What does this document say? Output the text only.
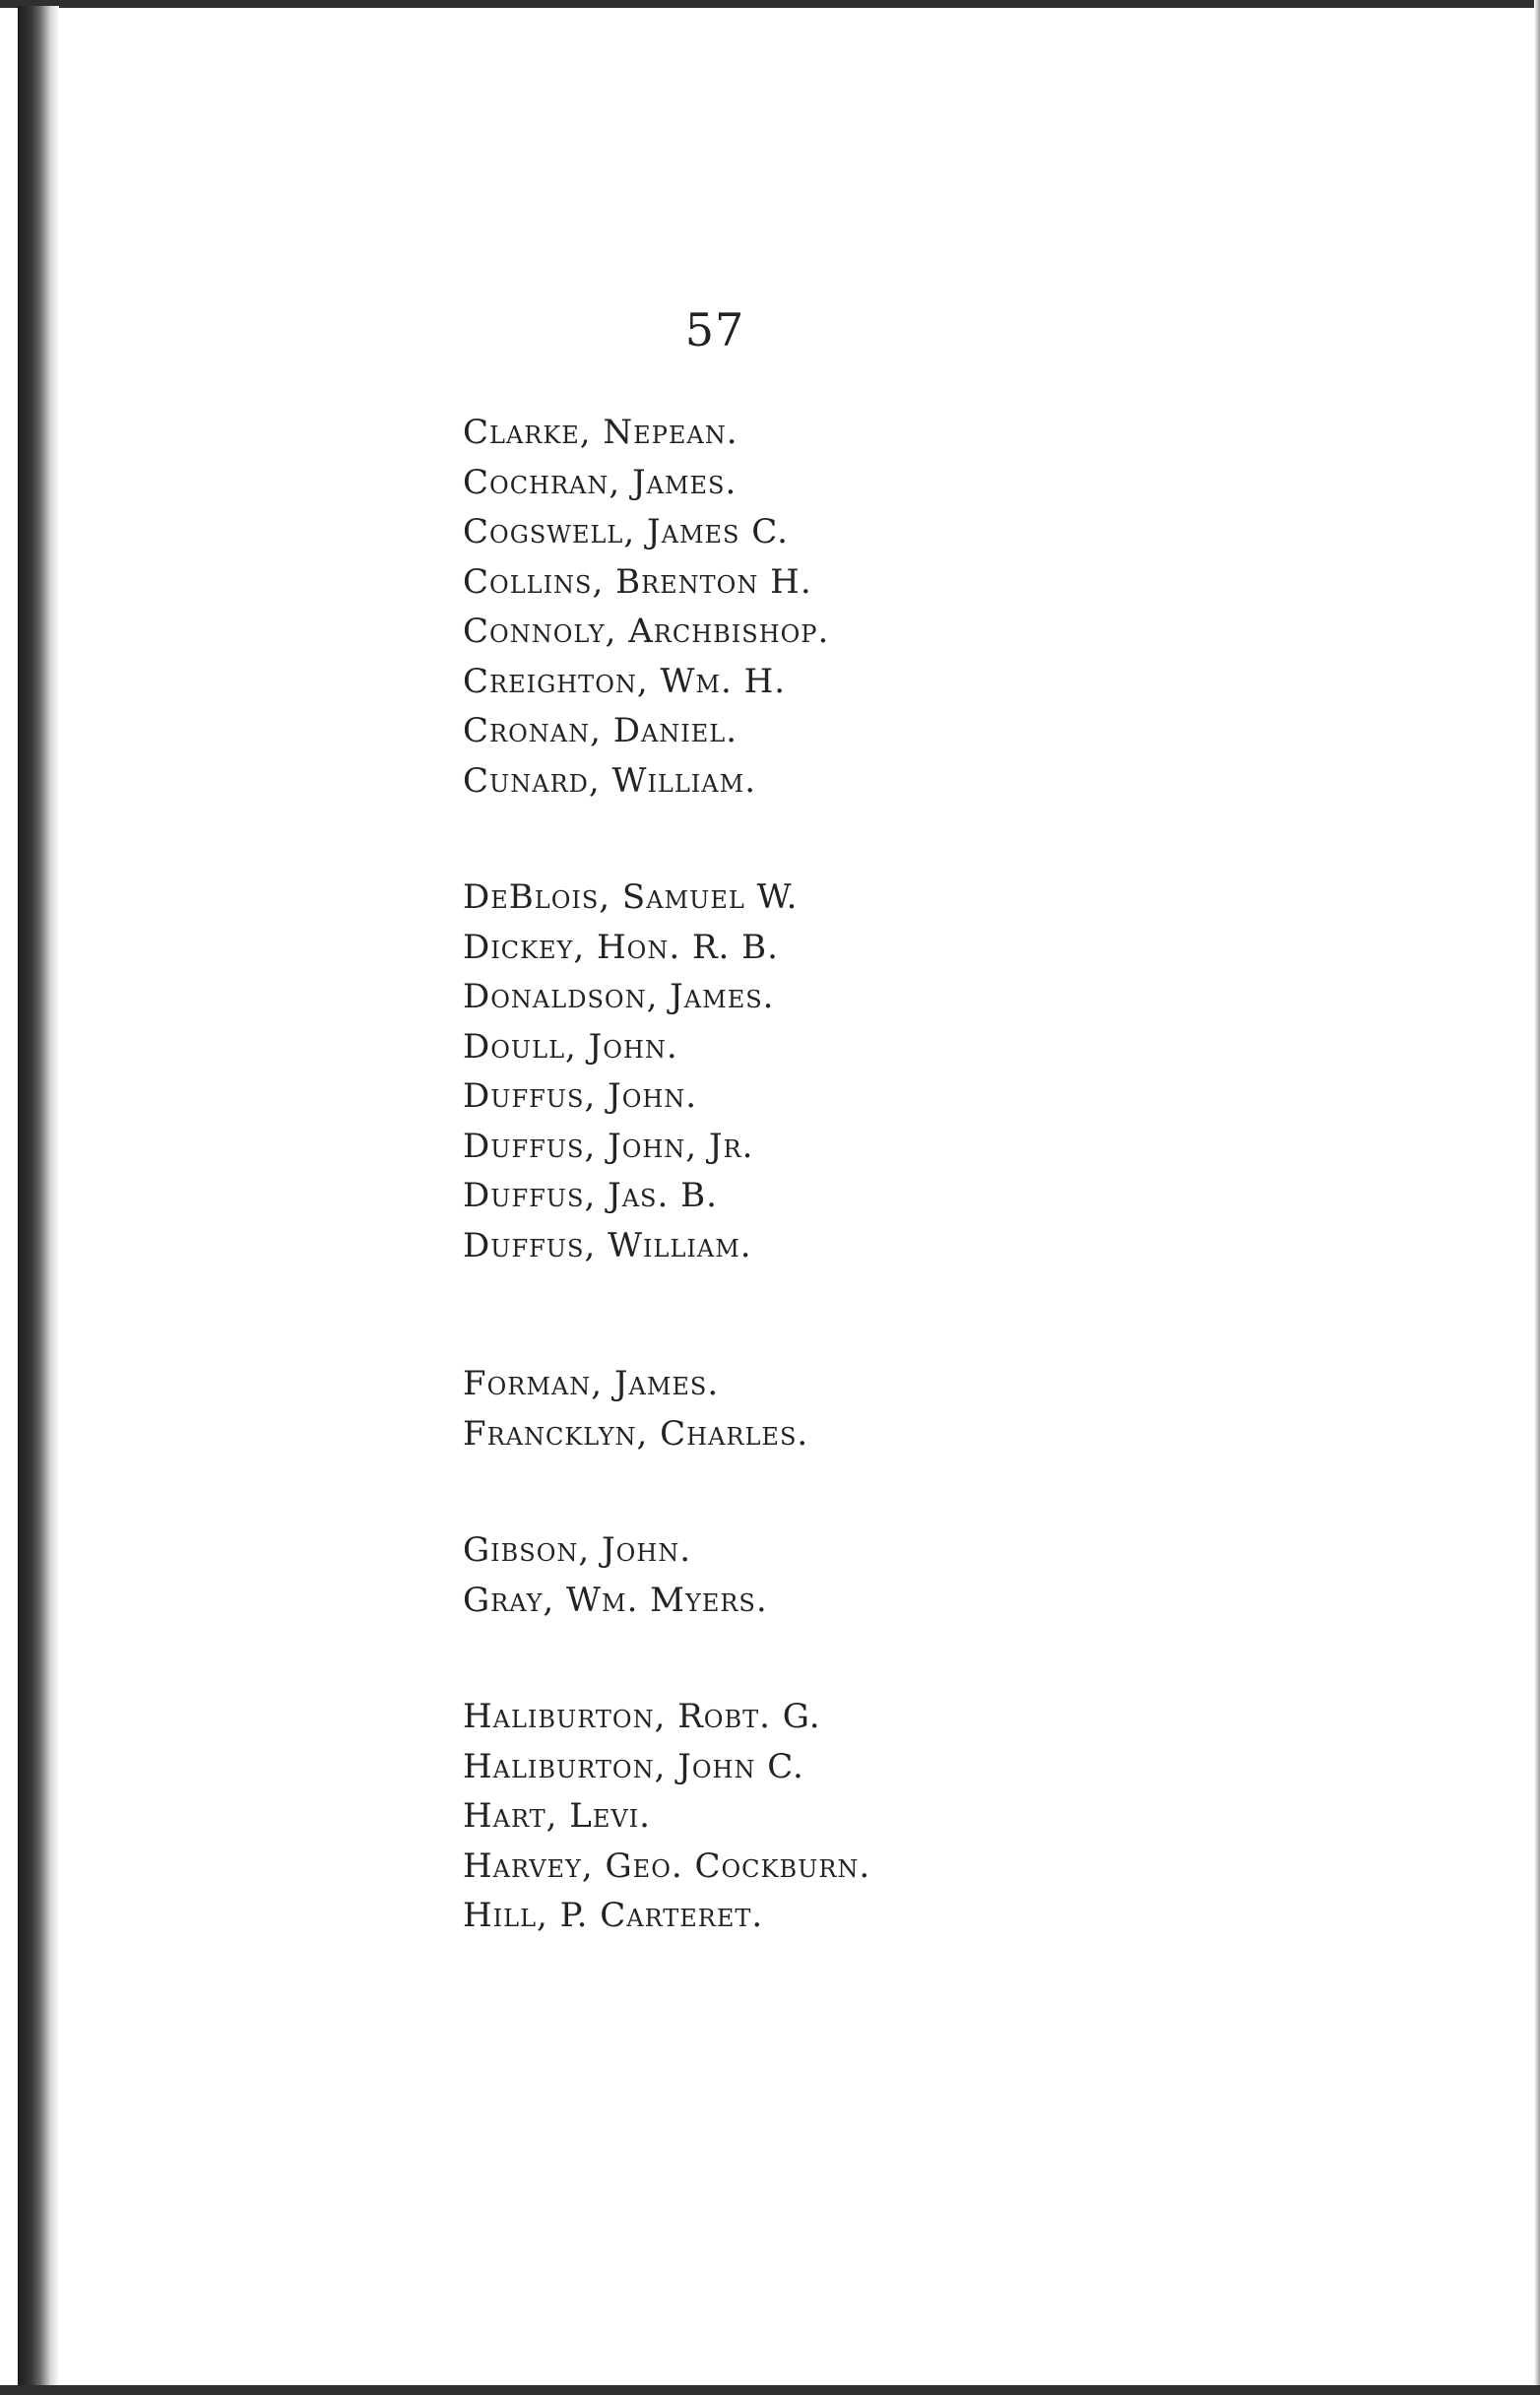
57
Clarke, Nepean.
Cochran, James.
Cogswell, James C.
Collins, Brenton H.
Connoly, Archbishop.
Creighton, Wm. H.
Cronan, Daniel.
Cunard, William.
DeBlois, Samuel W.
Dickey, Hon. R. B.
Donaldson, James.
Doull, John.
Duffus, John.
Duffus, John, Jr.
Duffus, Jas. B.
Duffus, William.
Forman, James.
Francklyn, Charles.
Gibson, John.
Gray, Wm. Myers.
Haliburton, Robt. G.
Haliburton, John C.
Hart, Levi.
Harvey, Geo. Cockburn.
Hill, P. Carteret.
